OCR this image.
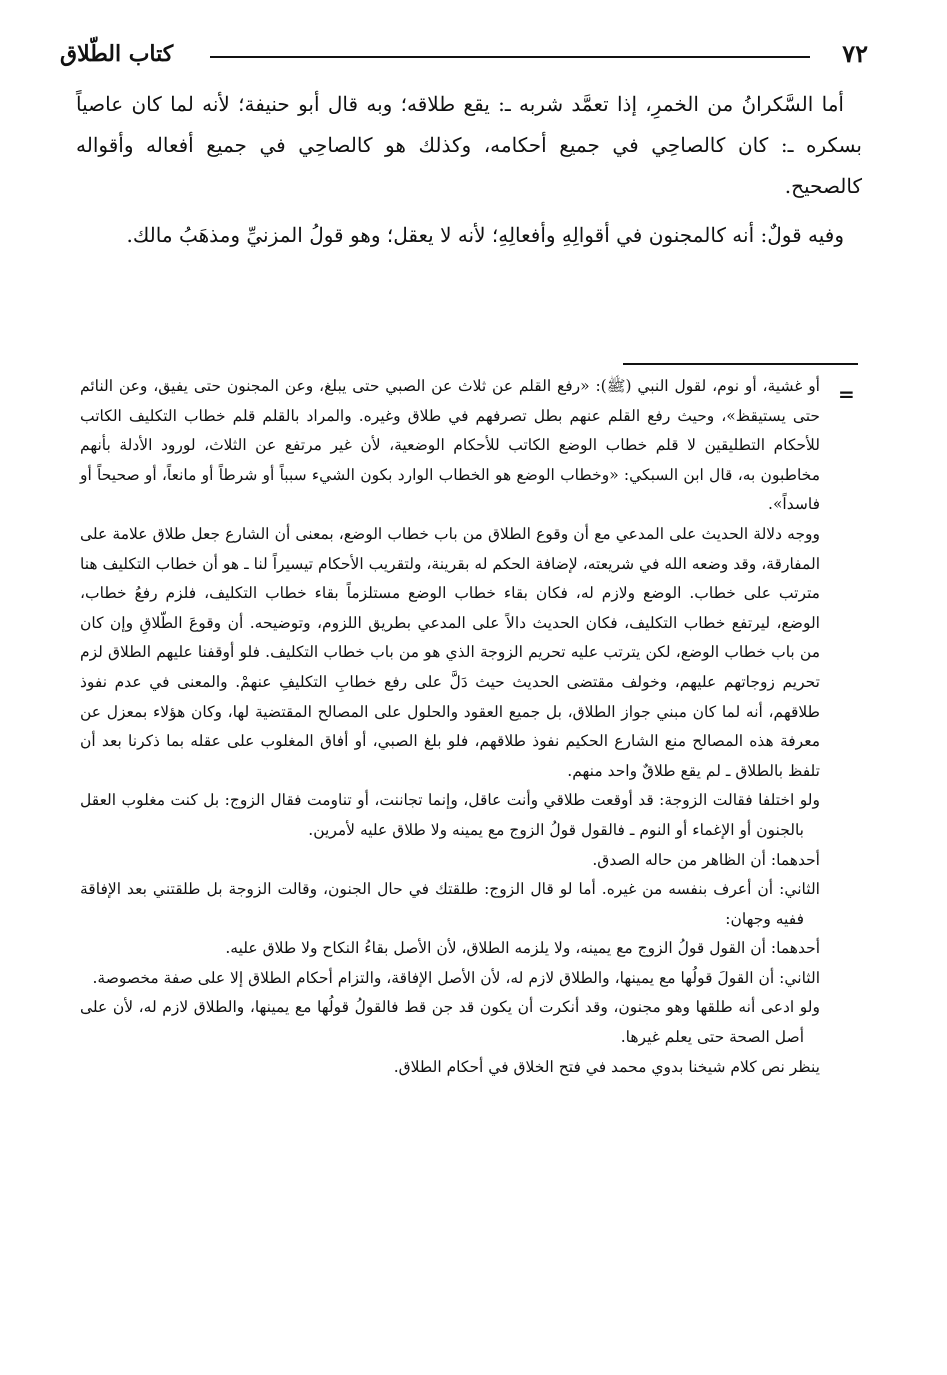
٧٢
كتاب الطّلاق

أما السَّكرانُ من الخمرِ، إذا تعمَّد شربه ـ: يقع طلاقه؛ وبه قال أبو حنيفة؛ لأنه لما كان عاصياً بسكره ـ: كان كالصاحِي في جميع أحكامه، وكذلك هو كالصاحِي في جميع أفعاله وأقواله كالصحيح.

وفيه قولٌ: أنه كالمجنون في أقوالِهِ وأفعالِهِ؛ لأنه لا يعقل؛ وهو قولُ المزنيِّ ومذهَبُ مالك.

=

أو غشية، أو نوم، لقول النبي (ﷺ): «رفع القلم عن ثلاث عن الصبي حتى يبلغ، وعن المجنون حتى يفيق، وعن النائم حتى يستيقظ»، وحيث رفع القلم عنهم بطل تصرفهم في طلاق وغيره. والمراد بالقلم قلم خطاب التكليف الكاتب للأحكام التطليقين لا قلم خطاب الوضع الكاتب للأحكام الوضعية، لأن غير مرتفع عن الثلاث، لورود الأدلة بأنهم مخاطبون به، قال ابن السبكي: «وخطاب الوضع هو الخطاب الوارد بكون الشيء سبباً أو شرطاً أو مانعاً، أو صحيحاً أو فاسداً».

ووجه دلالة الحديث على المدعي مع أن وقوع الطلاق من باب خطاب الوضع، بمعنى أن الشارع جعل طلاق علامة على المفارقة، وقد وضعه الله في شريعته، لإضافة الحكم له بقرينة، ولتقريب الأحكام تيسيراً لنا ـ هو أن خطاب التكليف هنا مترتب على خطاب. الوضع ولازم له، فكان بقاء خطاب الوضع مستلزماً بقاء خطاب التكليف، فلزم رفعُ خطاب، الوضع، ليرتفع خطاب التكليف، فكان الحديث دالاً على المدعي بطريق اللزوم، وتوضيحه. أن وقوعَ الطّلاقِ وإن كان من باب خطاب الوضع، لكن يترتب عليه تحريم الزوجة الذي هو من باب خطاب التكليف. فلو أوقفنا عليهم الطلاق لزم تحريم زوجاتهم عليهم، وخولف مقتضى الحديث حيث دَلَّ على رفع خطابِ التكليفِ عنهمْ. والمعنى في عدم نفوذ طلاقهم، أنه لما كان مبني جواز الطلاق، بل جميع العقود والحلول على المصالح المقتضية لها، وكان هؤلاء بمعزل عن معرفة هذه المصالح منع الشارع الحكيم نفوذ طلاقهم، فلو بلغ الصبي، أو أفاق المغلوب على عقله بما ذكرنا بعد أن تلفظ بالطلاق ـ لم يقع طلاقٌ واحد منهم.

ولو اختلفا فقالت الزوجة: قد أوقعت طلاقي وأنت عاقل، وإنما تجاننت، أو تناومت فقال الزوج: بل كنت مغلوب العقل بالجنون أو الإغماء أو النوم ـ فالقول قولُ الزوج مع يمينه ولا طلاق عليه لأمرين.

أحدهما: أن الظاهر من حاله الصدق.

الثاني: أن أعرف بنفسه من غيره. أما لو قال الزوج: طلقتك في حال الجنون، وقالت الزوجة بل طلقتني بعد الإفاقة ففيه وجهان:

أحدهما: أن القول قولُ الزوج مع يمينه، ولا يلزمه الطلاق، لأن الأصل بقاءُ النكاح ولا طلاق عليه.

الثاني: أن القولَ قولُها مع يمينها، والطلاق لازم له، لأن الأصل الإفاقة، والتزام أحكام الطلاق إلا على صفة مخصوصة.

ولو ادعى أنه طلقها وهو مجنون، وقد أنكرت أن يكون قد جن قط فالقولُ قولُها مع يمينها، والطلاق لازم له، لأن على أصل الصحة حتى يعلم غيرها.

ينظر نص كلام شيخنا بدوي محمد في فتح الخلاق في أحكام الطلاق.
